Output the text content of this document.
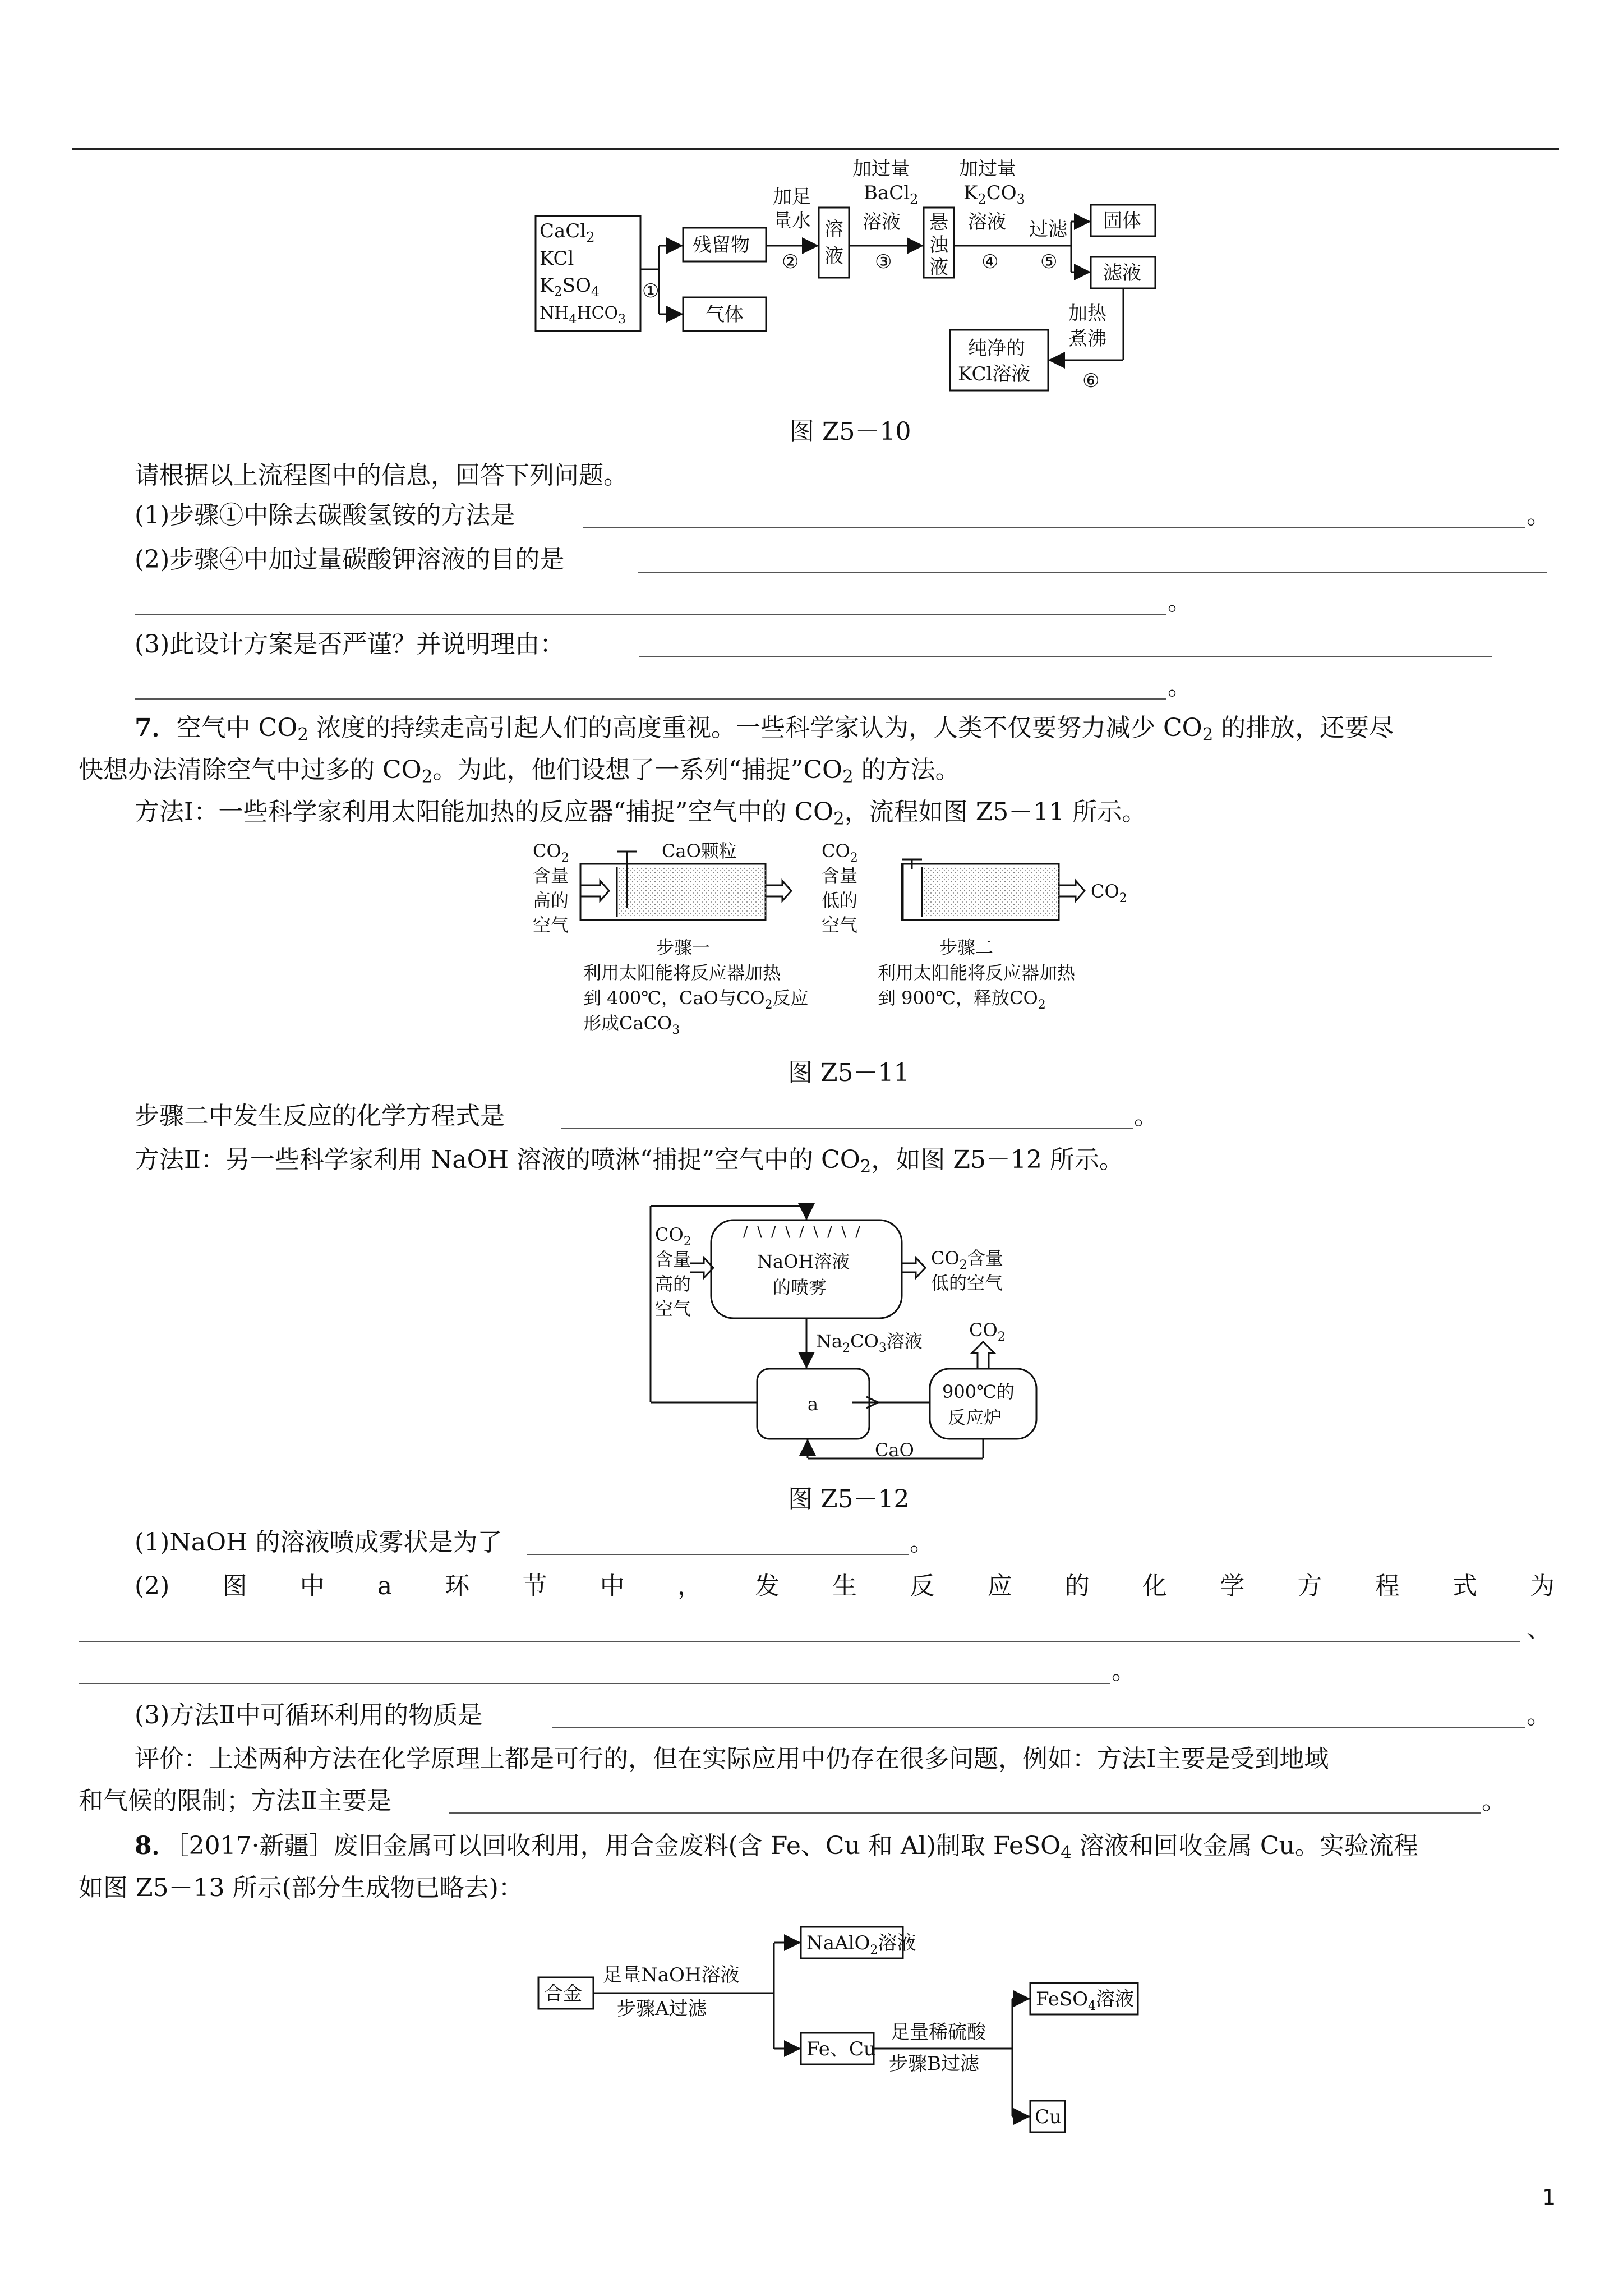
CaCl$_2$
KCl
$K_2SO_4$
$NH_4HCO_3$
①
残留物
气体
加足
量水
②
溶
液
加过量
BaCl$_2$
溶液
③
悬
浊
液
加过量
$K_2CO_3$
溶液
④
过滤
⑤
固体
滤液
加热
煮沸
⑥
纯净的
KCl溶液
图 Z5－10
请根据以上流程图中的信息，回答下列问题。
(1)步骤①中除去碳酸氢铵的方法是	。
(2)步骤④中加过量碳酸钾溶液的目的是
。
(3)此设计方案是否严谨？并说明理由：
。
7．空气中 $CO_2$ 浓度的持续走高引起人们的高度重视。一些科学家认为，人类不仅要努力减少 $CO_2$ 的排放，还要尽
快想办法清除空气中过多的 $CO_2$。为此，他们设想了一系列“捕捉$”CO_2$ 的方法。
方法Ⅰ：一些科学家利用太阳能加热的反应器“捕捉”空气中的 $CO_2$，流程如图 Z5－11 所示。
$CO_2$
含量
高的
空气
CaO颗粒	$CO_2$
含量
低的
空气
$CO_2$
步骤一
利用太阳能将反应器加热
到 400℃，CaO与$CO_2$反应
形成CaCO$_3$
步骤二
利用太阳能将反应器加热
到 900℃，释放$CO_2$
图 Z5－11
步骤二中发生反应的化学方程式是	。
方法Ⅱ：另一些科学家利用 NaOH 溶液的喷淋“捕捉”空气中的 $CO_2$，如图 Z5－12 所示。
$CO_2$
含量
高的
空气
/ \ / \ / \ / \ /
NaOH溶液
的喷雾
$CO_2$含量
低的空气
$Na_2CO_3$溶液
$CO_2$
a
900℃的
反应炉
CaO
图 Z5－12
(1)NaOH 的溶液喷成雾状是为了	。
(2) 图 中 a 环 节 中 ， 发 生 反 应 的 化 学 方 程 式 为
、
。
(3)方法Ⅱ中可循环利用的物质是	。
评价：上述两种方法在化学原理上都是可行的，但在实际应用中仍存在很多问题，例如：方法Ⅰ主要是受到地域
和气候的限制；方法Ⅱ主要是	。
8．［2017·新疆］废旧金属可以回收利用，用合金废料(含 Fe、Cu 和 Al)制取 FeSO$_4$ 溶液和回收金属 Cu。实验流程
如图 Z5－13 所示(部分生成物已略去)：
合金
足量NaOH溶液
步骤A过滤
NaAlO$_2$溶液
Fe、Cu
足量稀硫酸
步骤B过滤
FeSO$_4$溶液
Cu
1
